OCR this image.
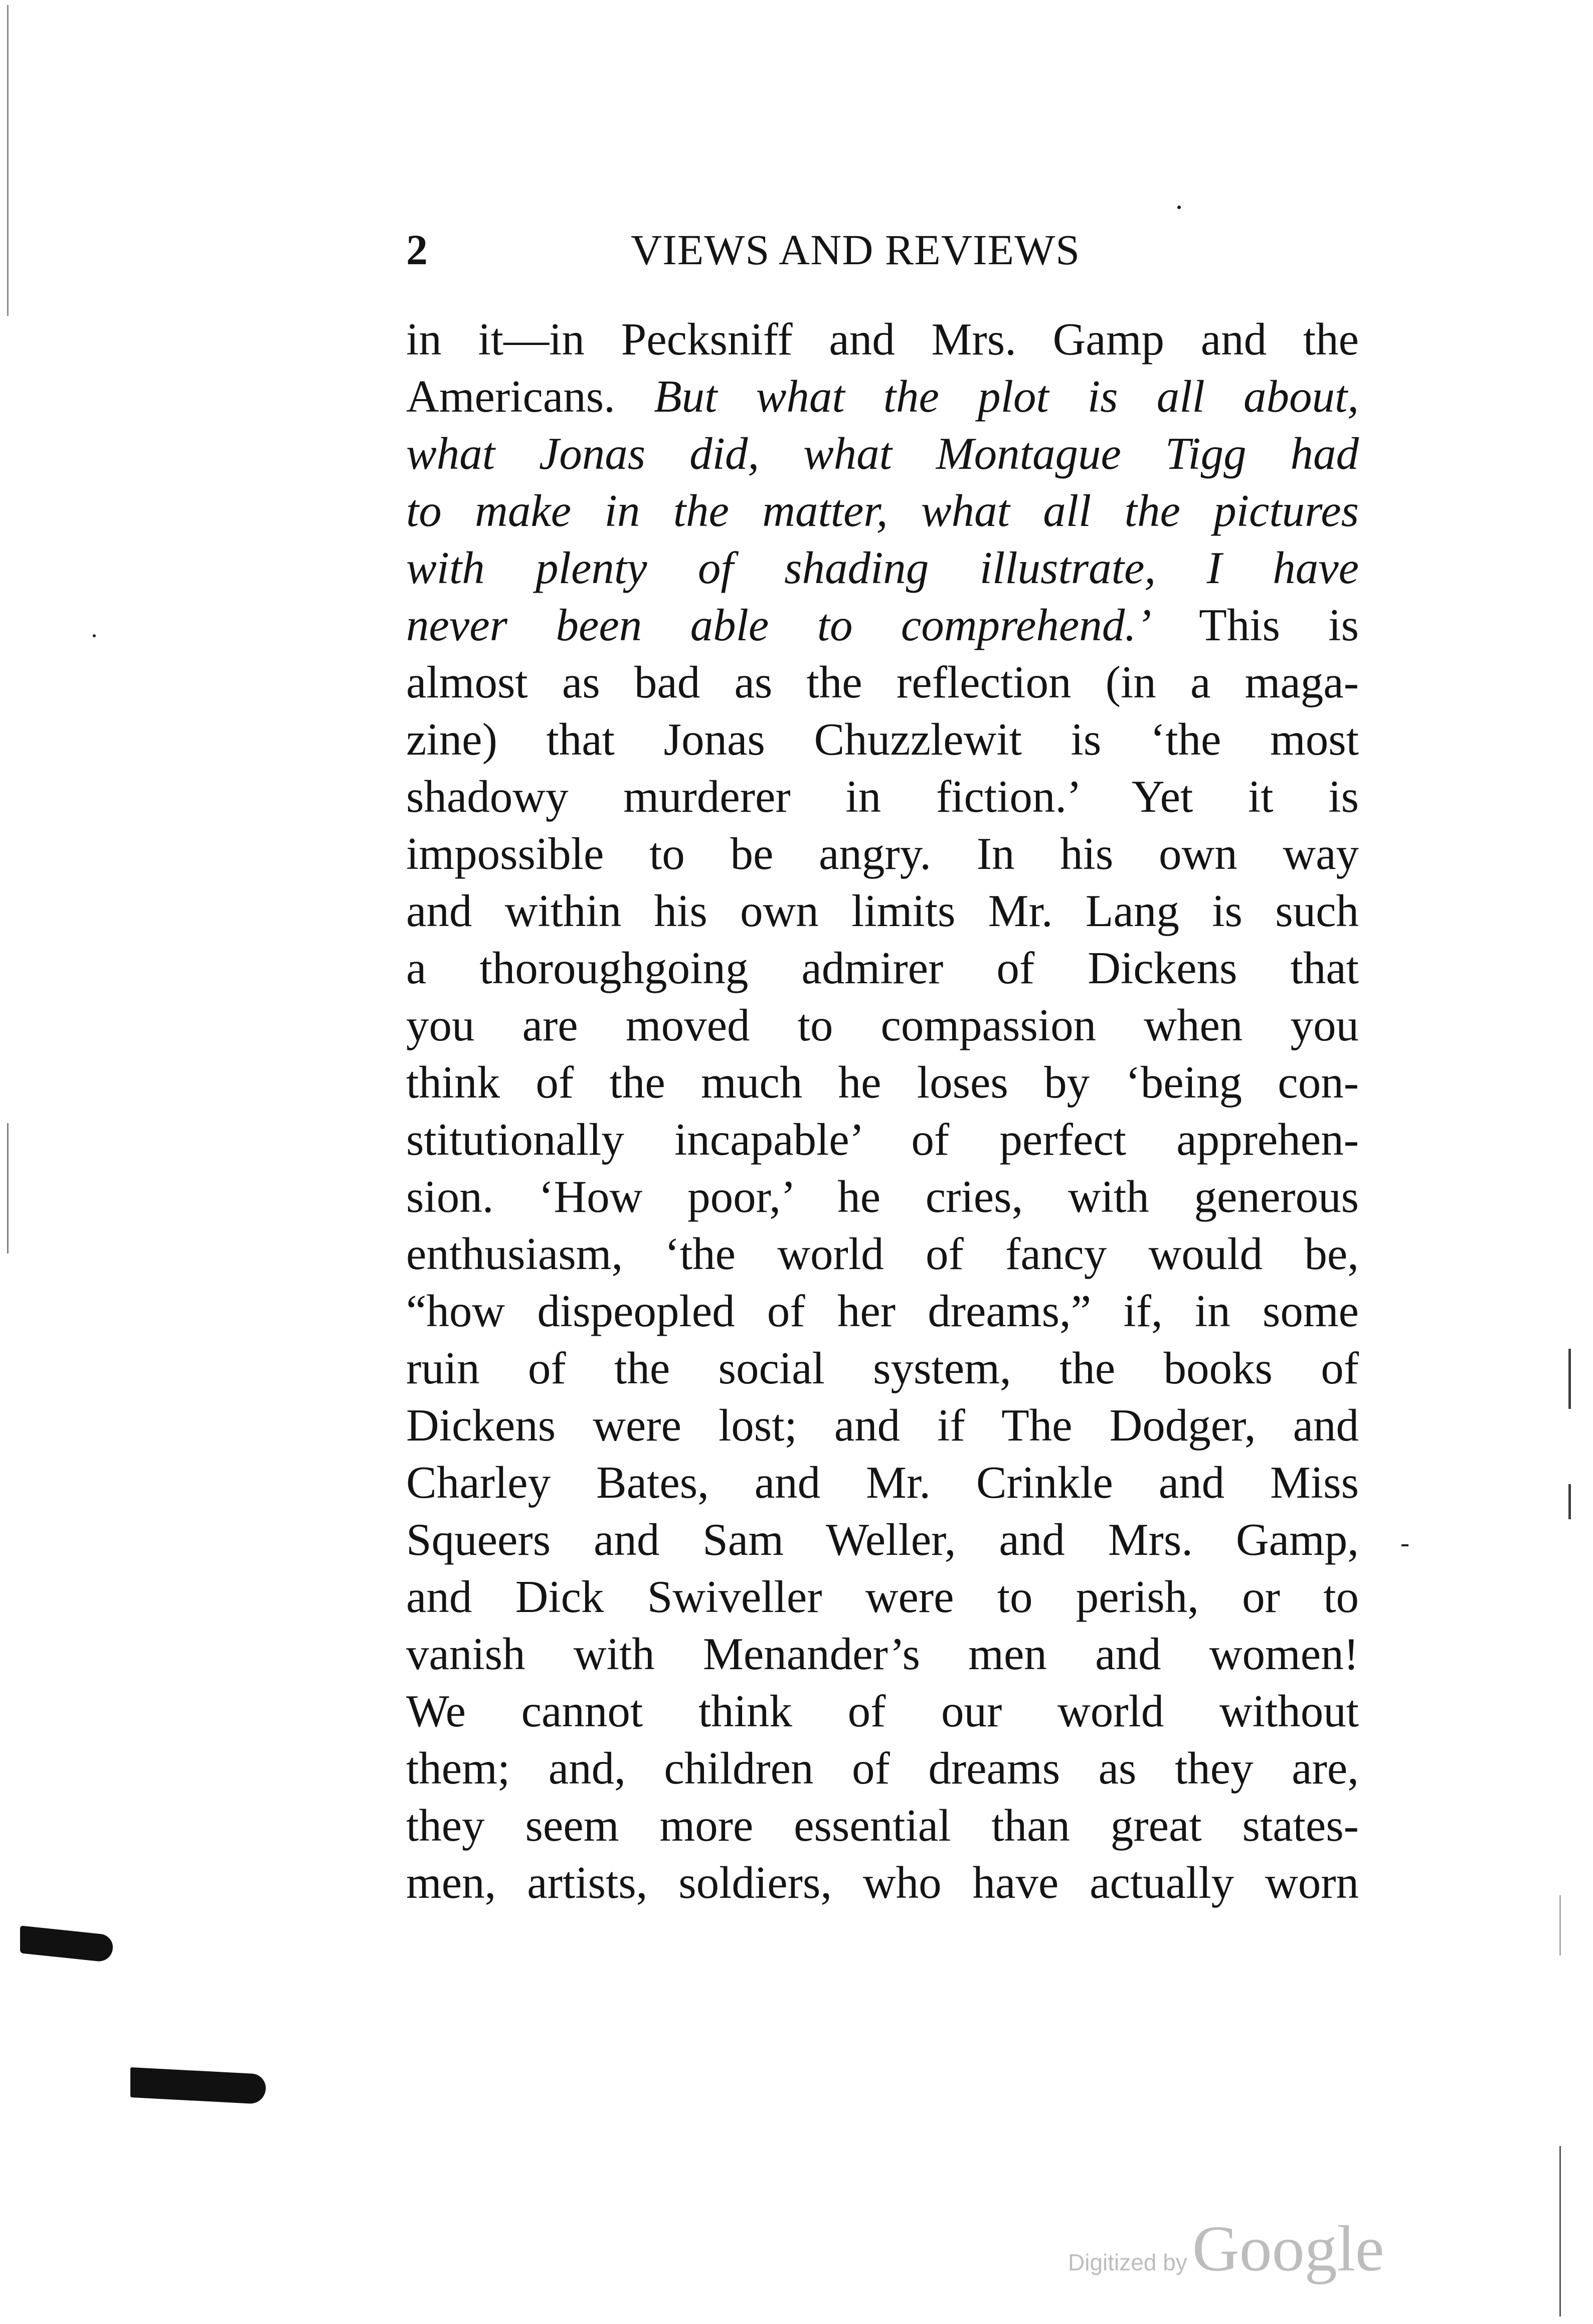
2	VIEWS AND REVIEWS
in it—in Pecksniff and Mrs. Gamp and the
Americans. But what the plot is all about,
what Jonas did, what Montague Tigg had
to make in the matter, what all the pictures
with plenty of shading illustrate, I have
never been able to comprehend.’ This is
almost as bad as the reflection (in a maga-
zine) that Jonas Chuzzlewit is ‘the most
shadowy murderer in fiction.’ Yet it is
impossible to be angry. In his own way
and within his own limits Mr. Lang is such
a thoroughgoing admirer of Dickens that
you are moved to compassion when you
think of the much he loses by ‘being con-
stitutionally incapable’ of perfect apprehen-
sion. ‘How poor,’ he cries, with generous
enthusiasm, ‘the world of fancy would be,
“how dispeopled of her dreams,” if, in some
ruin of the social system, the books of
Dickens were lost; and if The Dodger, and
Charley Bates, and Mr. Crinkle and Miss
Squeers and Sam Weller, and Mrs. Gamp,
and Dick Swiveller were to perish, or to
vanish with Menander’s men and women!
We cannot think of our world without
them; and, children of dreams as they are,
they seem more essential than great states-
men, artists, soldiers, who have actually worn
Digitized byGoogle
